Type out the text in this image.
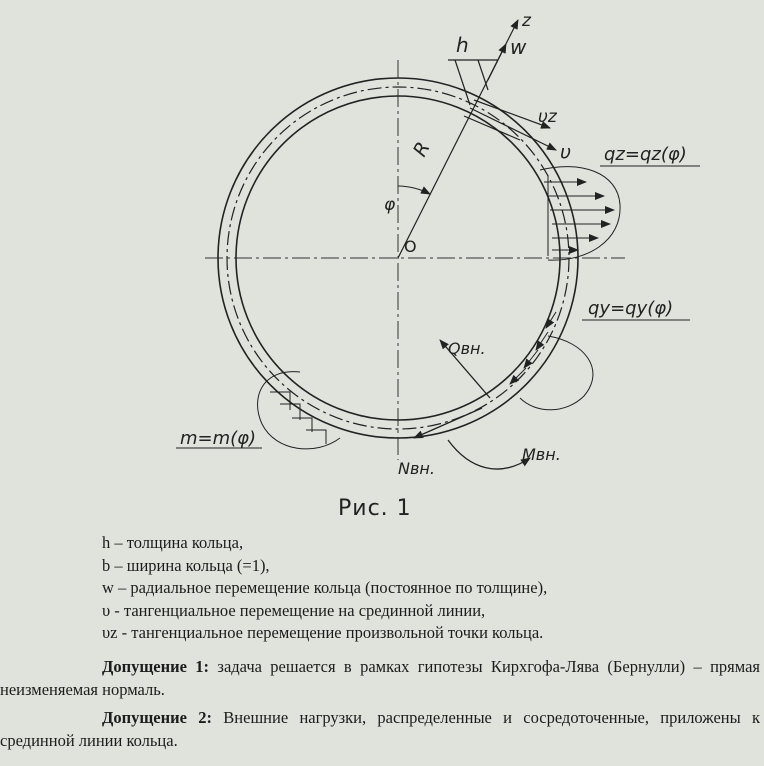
z
w
h
R
φ
O
υz
υ qz=qz(φ)
qy=qy(φ)
Qвн.
Mвн.
Nвн.
m=m(φ)
Рис. 1
h – толщина кольца,
b – ширина кольца (=1),
w – радиальное перемещение кольца (постоянное по толщине),
υ - тангенциальное перемещение на срединной линии,
υz - тангенциальное перемещение произвольной точки кольца.
Допущение 1: задача решается в рамках гипотезы Кирхгофа-Лява (Бернулли) – прямая неизменяемая нормаль.
Допущение 2: Внешние нагрузки, распределенные и сосредоточенные, приложены к срединной линии кольца.
